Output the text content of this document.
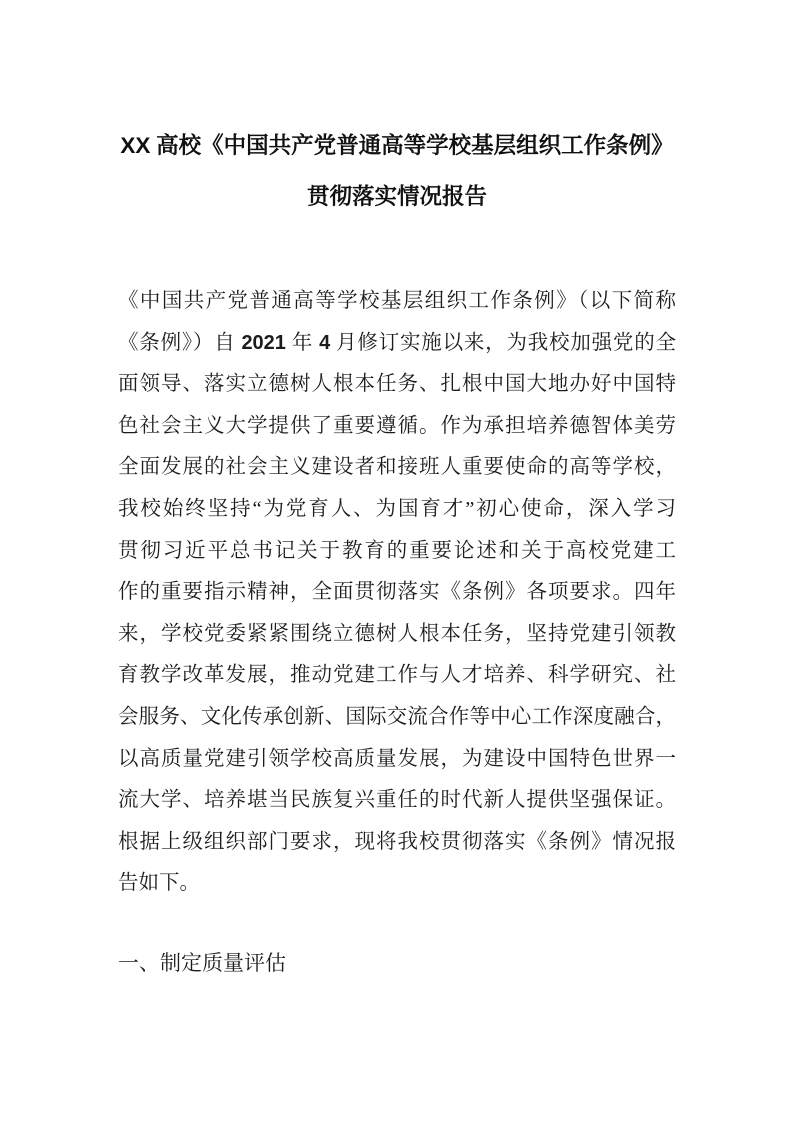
XX 高校《中国共产党普通高等学校基层组织工作条例》
贯彻落实情况报告
《中国共产党普通高等学校基层组织工作条例》（以下简称
《条例》）自 2021 年 4 月修订实施以来，为我校加强党的全
面领导、落实立德树人根本任务、扎根中国大地办好中国特
色社会主义大学提供了重要遵循。作为承担培养德智体美劳
全面发展的社会主义建设者和接班人重要使命的高等学校，
我校始终坚持“为党育人、为国育才”初心使命，深入学习
贯彻习近平总书记关于教育的重要论述和关于高校党建工
作的重要指示精神，全面贯彻落实《条例》各项要求。四年
来，学校党委紧紧围绕立德树人根本任务，坚持党建引领教
育教学改革发展，推动党建工作与人才培养、科学研究、社
会服务、文化传承创新、国际交流合作等中心工作深度融合，
以高质量党建引领学校高质量发展，为建设中国特色世界一
流大学、培养堪当民族复兴重任的时代新人提供坚强保证。
根据上级组织部门要求，现将我校贯彻落实《条例》情况报
告如下。
一、制定质量评估
